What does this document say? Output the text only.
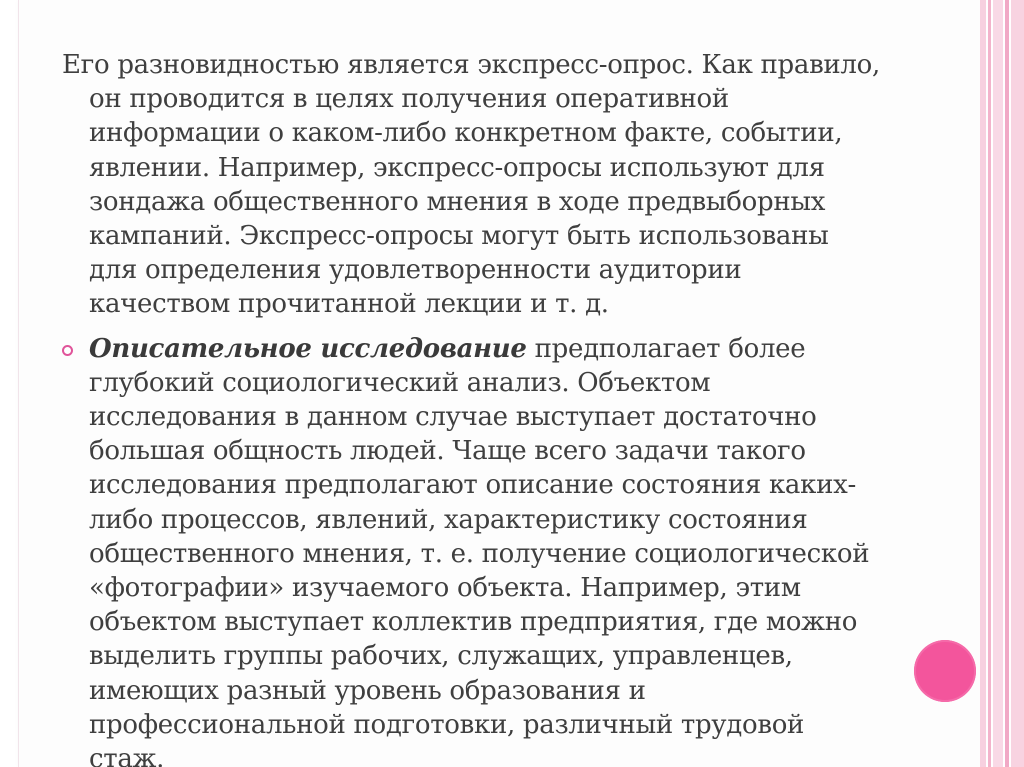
Его разновидностью является экспресс-опрос. Как правило,
он проводится в целях получения оперативной
информации о каком-либо конкретном факте, событии,
явлении. Например, экспресс-опросы используют для
зондажа общественного мнения в ходе предвыборных
кампаний. Экспресс-опросы могут быть использованы
для определения удовлетворенности аудитории
качеством прочитанной лекции и т. д.

Описательное исследование предполагает более
глубокий социологический анализ. Объектом
исследования в данном случае выступает достаточно
большая общность людей. Чаще всего задачи такого
исследования предполагают описание состояния каких-
либо процессов, явлений, характеристику состояния
общественного мнения, т. е. получение социологической
«фотографии» изучаемого объекта. Например, этим
объектом выступает коллектив предприятия, где можно
выделить группы рабочих, служащих, управленцев,
имеющих разный уровень образования и
профессиональной подготовки, различный трудовой
стаж.
